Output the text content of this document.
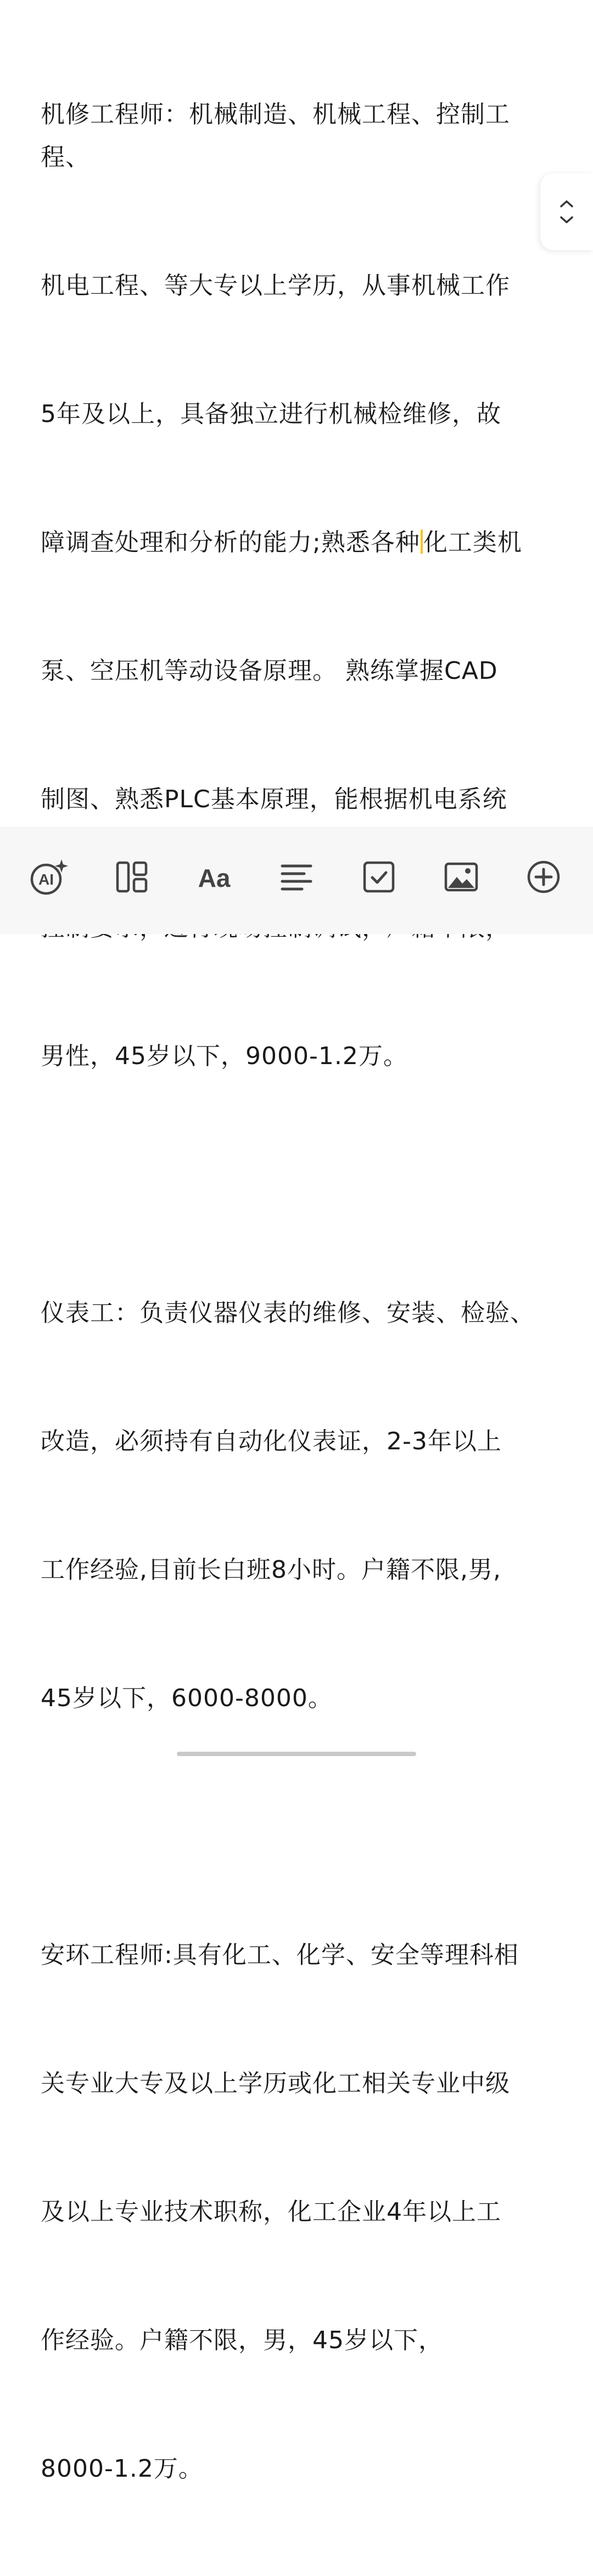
机修工程师：机械制造、机械工程、控制工程、

机电工程、等大专以上学历，从事机械工作

5年及以上，具备独立进行机械检维修，故

障调查处理和分析的能力;熟悉各种 化工类机

泵、空压机等动设备原理。 熟练掌握CAD

制图、熟悉PLC基本原理，能根据机电系统

男性，45岁以下，9000-1.2万。

仪表工：负责仪器仪表的维修、安装、检验、

改造，必须持有自动化仪表证，2-3年以上

工作经验,目前长白班8小时。户籍不限,男,

45岁以下，6000-8000。

安环工程师:具有化工、化学、安全等理科相

关专业大专及以上学历或化工相关专业中级

及以上专业技术职称，化工企业4年以上工

作经验。户籍不限，男，45岁以下，

8000-1.2万。

AI	Aa
